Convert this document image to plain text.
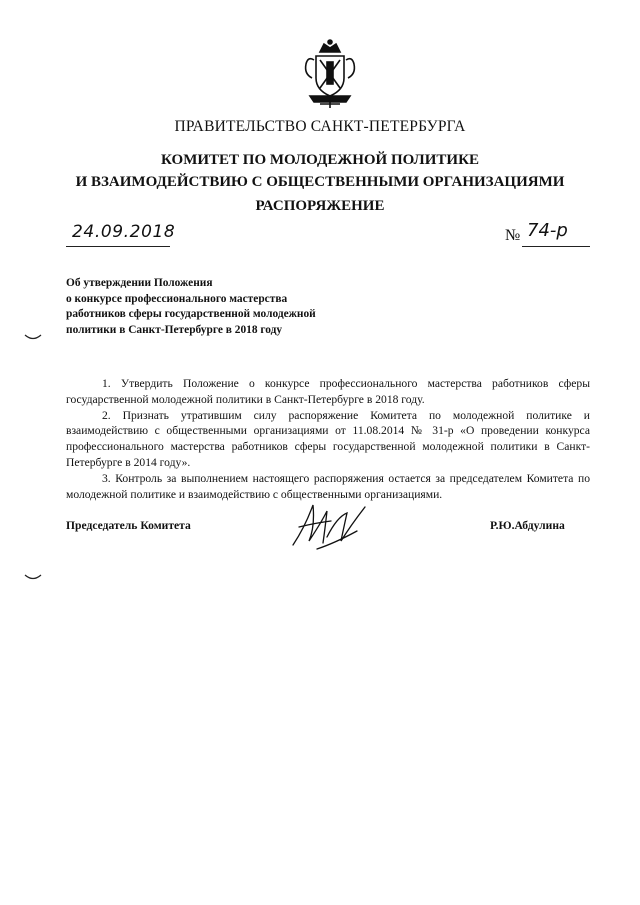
ПРАВИТЕЛЬСТВО САНКТ-ПЕТЕРБУРГА
КОМИТЕТ ПО МОЛОДЕЖНОЙ ПОЛИТИКЕ
И ВЗАИМОДЕЙСТВИЮ С ОБЩЕСТВЕННЫМИ ОРГАНИЗАЦИЯМИ
РАСПОРЯЖЕНИЕ
24.09.2018	№ 74-р
Об утверждении Положения
о конкурсе профессионального мастерства
работников сферы государственной молодежной
политики в Санкт-Петербурге в 2018 году

1. Утвердить Положение о конкурсе профессионального мастерства работников сферы государственной молодежной политики в Санкт-Петербурге в 2018 году.

2. Признать утратившим силу распоряжение Комитета по молодежной политике и взаимодействию с общественными организациями от 11.08.2014 № 31-р «О проведении конкурса профессионального мастерства работников сферы государственной молодежной политики в Санкт-Петербурге в 2014 году».

3. Контроль за выполнением настоящего распоряжения остается за председателем Комитета по молодежной политике и взаимодействию с общественными организациями.

Председатель Комитета	Р.Ю.Абдулина
